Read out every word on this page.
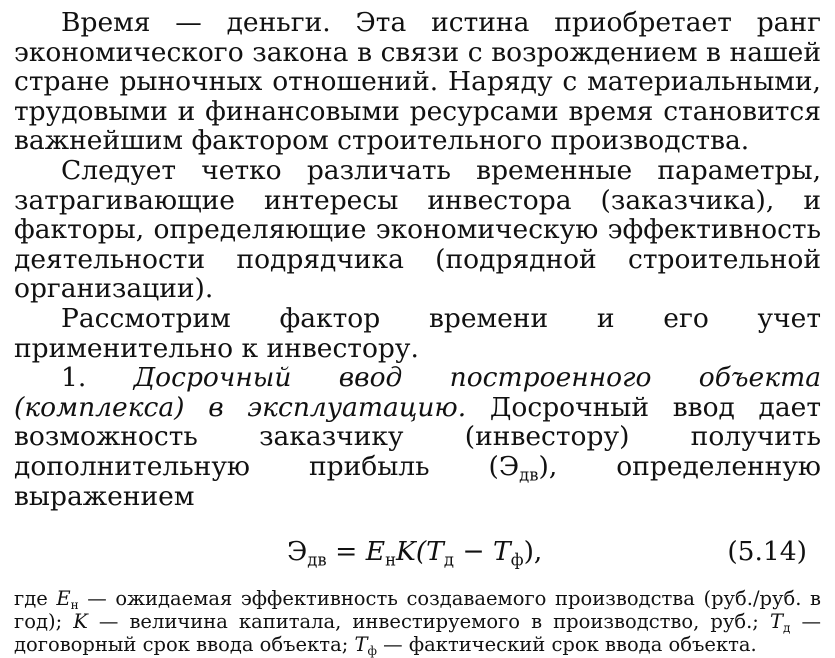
Время — деньги. Эта истина приобретает ранг экономического закона в связи с возрождением в нашей стране рыночных отношений. Наряду с материальными, трудовыми и финансовыми ресурсами время становится важнейшим фактором строительного производства.

Следует четко различать временные параметры, затрагивающие интересы инвестора (заказчика), и факторы, определяющие экономическую эффективность деятельности подрядчика (подрядной строительной организации).

Рассмотрим фактор времени и его учет применительно к инвестору.

1. Досрочный ввод построенного объекта (комплекса) в эксплуатацию. Досрочный ввод дает возможность заказчику (инвестору) получить дополнительную прибыль $(Э_{дв})$, определенную выражением

$Э_{дв} = E_нK(T_д - T_ф)$,	(5.14)

где $E_н$ — ожидаемая эффективность создаваемого производства (руб./руб. в год); K — величина капитала, инвестируемого в производство, руб.; $T_д$ — договорный срок ввода объекта; $T_ф$ — фактический срок ввода объекта.
